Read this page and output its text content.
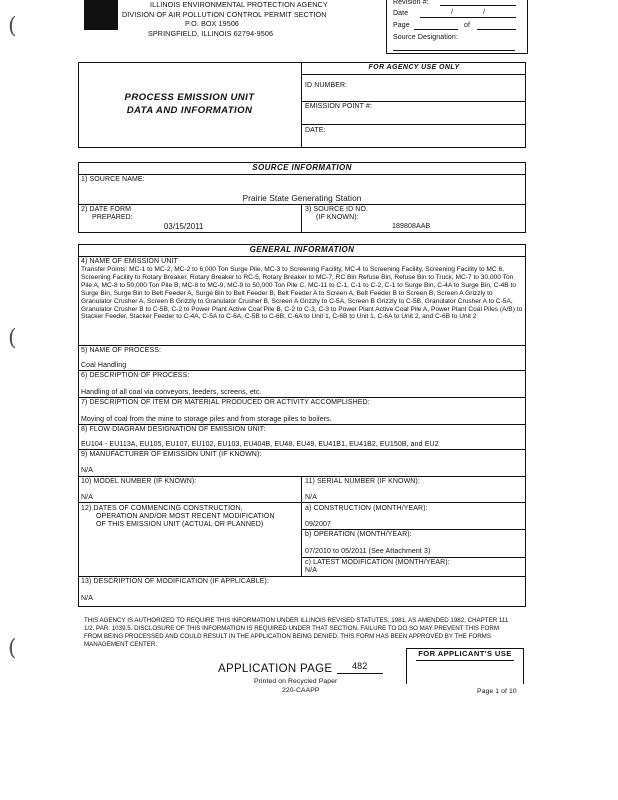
(
(
(
ILLINOIS ENVIRONMENTAL PROTECTION AGENCY
DIVISION OF AIR POLLUTION CONTROL PERMIT SECTION
P.O. BOX 19506
SPRINGFIELD, ILLINOIS 62794-9506
Revision #:
Date	/	/
Page	of
Source Designation:
PROCESS EMISSION UNIT
DATA AND INFORMATION
FOR AGENCY USE ONLY
ID NUMBER:
EMISSION POINT #:
DATE:
SOURCE INFORMATION
1) SOURCE NAME:
Prairie State Generating Station
2) DATE FORM
PREPARED:
03/15/2011
3) SOURCE ID NO.
(IF KNOWN):
189808AAB
GENERAL INFORMATION
4) NAME OF EMISSION UNIT
Transfer Points: MC-1 to MC-2, MC-2 to 6,000 Ton Surge Pile, MC-3 to Screening Facility, MC-4 to Screening Facility, Screening Facility to MC 6, Screening Facility to Rotary Breaker, Rotary Breaker to RC-5, Rotary Breaker to MC-7, RC Bin Refuse Bin, Refuse Bin to Truck, MC-7 to 30,000 Ton Pile A, MC-8 to 50,000 Ton Pile B, MC-8 to MC-9, MC-9 to 50,000 Ton Pile C, MC-11 to C-1, C-1 to C-2, C-1 to Surge Bin, C-4A to Surge Bin, C-4B to Surge Bin, Surge Bin to Belt Feeder A, Surge Bin to Belt Feeder B, Belt Feeder A to Screen A, Belt Feeder B to Screen B, Screen A Grizzly to Granulator Crusher A, Screen B Grizzly to Granulator Crusher B, Screen A Grizzly to C-5A, Screen B Grizzly to C-5B, Granulator Crusher A to C-5A, Granulator Crusher B to C-5B, C-2 to Power Plant Active Coal Pile B, C-2 to C-3, C-3 to Power Plant Active Coal Pile A, Power Plant Coal Piles (A/B) to Stacker Feeder, Stacker Feeder to C-4A, C-5A to C-6A, C-5B to C-6B, C-6A to Unit 1, C-6B to Unit 1, C-6A to Unit 2, and C-6B to Unit 2
5) NAME OF PROCESS:
Coal Handling
6) DESCRIPTION OF PROCESS:
Handling of all coal via conveyors, feeders, screens, etc.
7) DESCRIPTION OF ITEM OR MATERIAL PRODUCED OR ACTIVITY ACCOMPLISHED:
Moving of coal from the mine to storage piles and from storage piles to boilers.
8) FLOW DIAGRAM DESIGNATION OF EMISSION UNIT:
EU104 - EU113A, EU105, EU107, EU102, EU103, EU404B, EU48, EU49, EU41B1, EU41B2, EU150B, and EU2
9) MANUFACTURER OF EMISSION UNIT (IF KNOWN):
N/A
10) MODEL NUMBER (IF KNOWN):
N/A
11) SERIAL NUMBER (IF KNOWN):
N/A
12) DATES OF COMMENCING CONSTRUCTION,
OPERATION AND/OR MOST RECENT MODIFICATION
OF THIS EMISSION UNIT (ACTUAL OR PLANNED)
a) CONSTRUCTION (MONTH/YEAR):
09/2007
b) OPERATION (MONTH/YEAR):
07/2010 to 05/2011 (See Attachment 3)
c) LATEST MODIFICATION (MONTH/YEAR):
N/A
13) DESCRIPTION OF MODIFICATION (IF APPLICABLE):
N/A
THIS AGENCY IS AUTHORIZED TO REQUIRE THIS INFORMATION UNDER ILLINOIS REVISED STATUTES, 1981, AS AMENDED 1982, CHAPTER 111 1/2, PAR. 1039.5. DISCLOSURE OF THIS INFORMATION IS REQUIRED UNDER THAT SECTION. FAILURE TO DO SO MAY PREVENT THIS FORM FROM BEING PROCESSED AND COULD RESULT IN THE APPLICATION BEING DENIED. THIS FORM HAS BEEN APPROVED BY THE FORMS MANAGEMENT CENTER.
FOR APPLICANT'S USE
APPLICATION PAGE 482
Printed on Recycled Paper
220-CAAPP	Page 1 of 10
